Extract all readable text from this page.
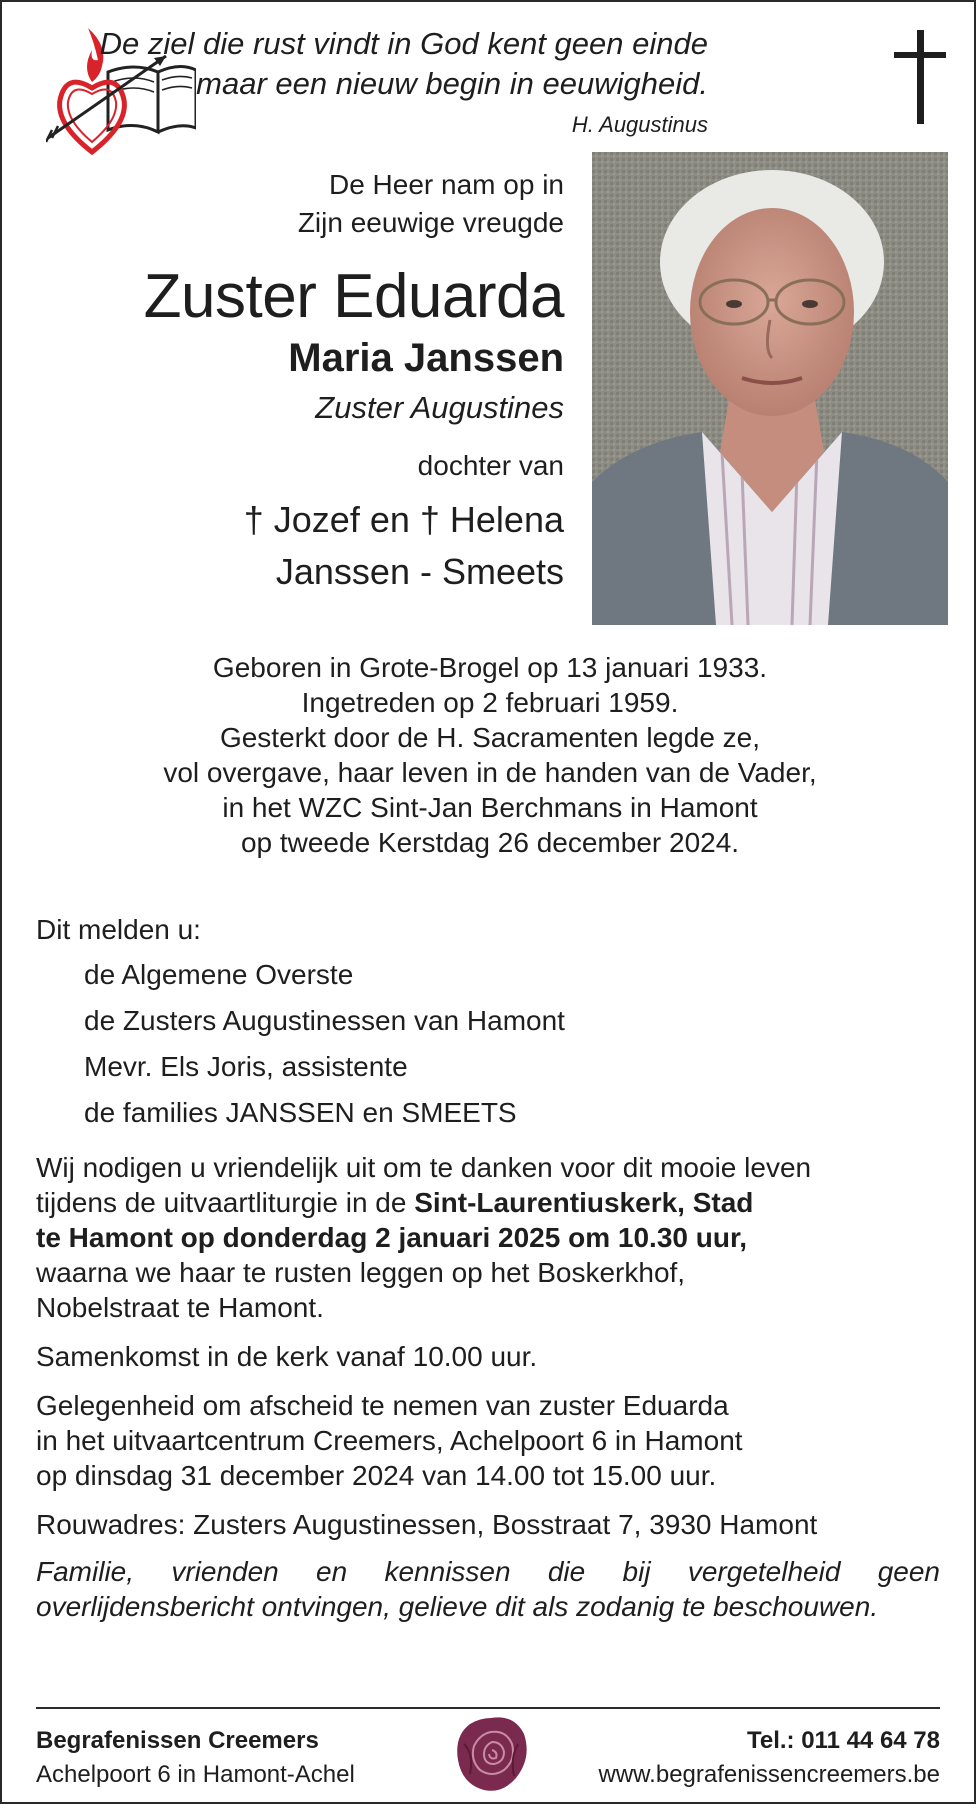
De ziel die rust vindt in God kent geen einde
maar een nieuw begin in eeuwigheid.
H. Augustinus
De Heer nam op in
Zijn eeuwige vreugde
Zuster Eduarda
Maria Janssen
Zuster Augustines
dochter van
† Jozef en † Helena
Janssen - Smeets
Geboren in Grote-Brogel op 13 januari 1933.
Ingetreden op 2 februari 1959.
Gesterkt door de H. Sacramenten legde ze,
vol overgave, haar leven in de handen van de Vader,
in het WZC Sint-Jan Berchmans in Hamont
op tweede Kerstdag 26 december 2024.
Dit melden u:
de Algemene Overste
de Zusters Augustinessen van Hamont
Mevr. Els Joris, assistente
de families JANSSEN en SMEETS
Wij nodigen u vriendelijk uit om te danken voor dit mooie leven
tijdens de uitvaartliturgie in de Sint-Laurentiuskerk, Stad
te Hamont op donderdag 2 januari 2025 om 10.30 uur,
waarna we haar te rusten leggen op het Boskerkhof,
Nobelstraat te Hamont.
Samenkomst in de kerk vanaf 10.00 uur.
Gelegenheid om afscheid te nemen van zuster Eduarda
in het uitvaartcentrum Creemers, Achelpoort 6 in Hamont
op dinsdag 31 december 2024 van 14.00 tot 15.00 uur.
Rouwadres: Zusters Augustinessen, Bosstraat 7, 3930 Hamont
Familie, vrienden en kennissen die bij vergetelheid geen overlijdensbericht ontvingen, gelieve dit als zodanig te beschouwen.
Begrafenissen Creemers
Achelpoort 6 in Hamont-Achel
Tel.: 011 44 64 78
www.begrafenissencreemers.be
